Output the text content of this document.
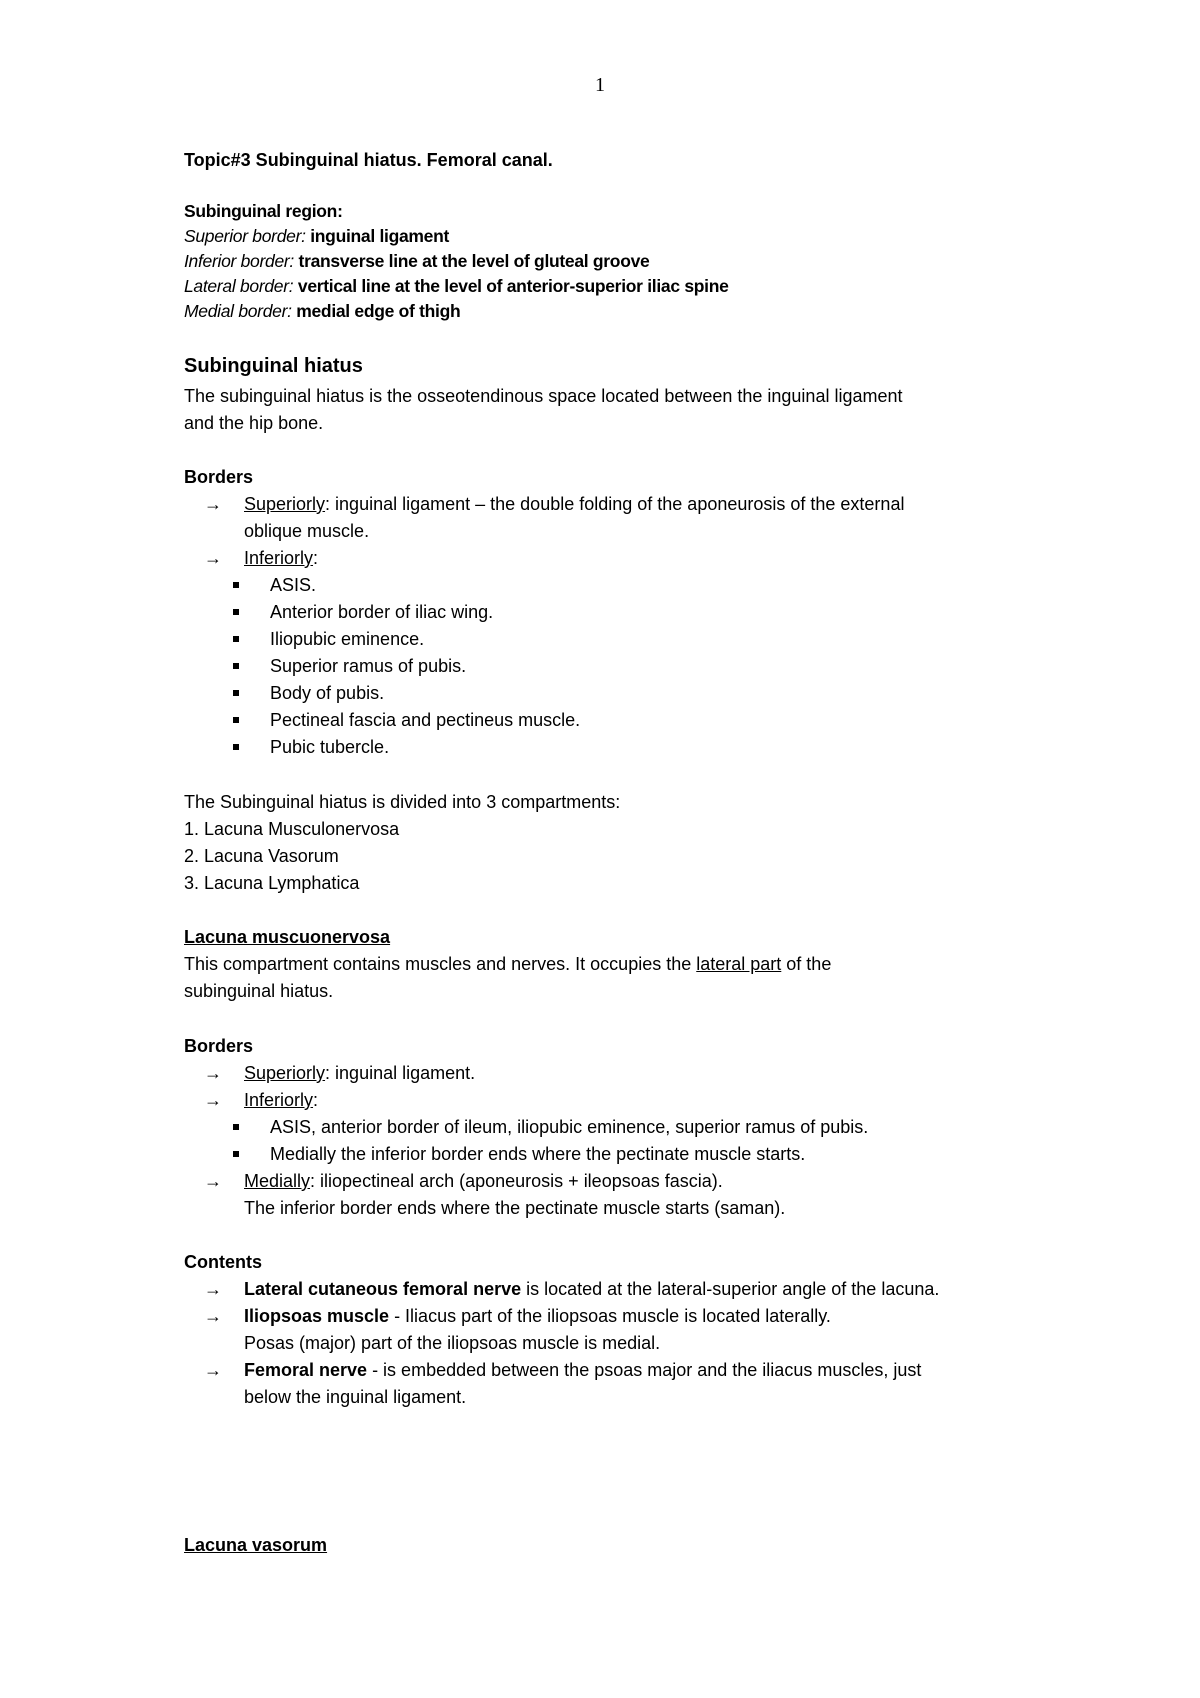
1
Topic#3 Subinguinal hiatus. Femoral canal.
Subinguinal region:
Superior border: inguinal ligament
Inferior border: transverse line at the level of gluteal groove
Lateral border: vertical line at the level of anterior-superior iliac spine
Medial border: medial edge of thigh
Subinguinal hiatus
The subinguinal hiatus is the osseotendinous space located between the inguinal ligament
and the hip bone.
Borders
→ Superiorly: inguinal ligament – the double folding of the aponeurosis of the external
oblique muscle.
→ Inferiorly:
ASIS.
Anterior border of iliac wing.
Iliopubic eminence.
Superior ramus of pubis.
Body of pubis.
Pectineal fascia and pectineus muscle.
Pubic tubercle.
The Subinguinal hiatus is divided into 3 compartments:
1. Lacuna Musculonervosa
2. Lacuna Vasorum
3. Lacuna Lymphatica
Lacuna muscuonervosa
This compartment contains muscles and nerves. It occupies the lateral part of the
subinguinal hiatus.
Borders
→ Superiorly: inguinal ligament.
→ Inferiorly:
ASIS, anterior border of ileum, iliopubic eminence, superior ramus of pubis.
Medially the inferior border ends where the pectinate muscle starts.
→ Medially: iliopectineal arch (aponeurosis + ileopsoas fascia).
The inferior border ends where the pectinate muscle starts (saman).
Contents
→ Lateral cutaneous femoral nerve is located at the lateral-superior angle of the lacuna.
→ Iliopsoas muscle - Iliacus part of the iliopsoas muscle is located laterally.
Posas (major) part of the iliopsoas muscle is medial.
→ Femoral nerve - is embedded between the psoas major and the iliacus muscles, just
below the inguinal ligament.
Lacuna vasorum
